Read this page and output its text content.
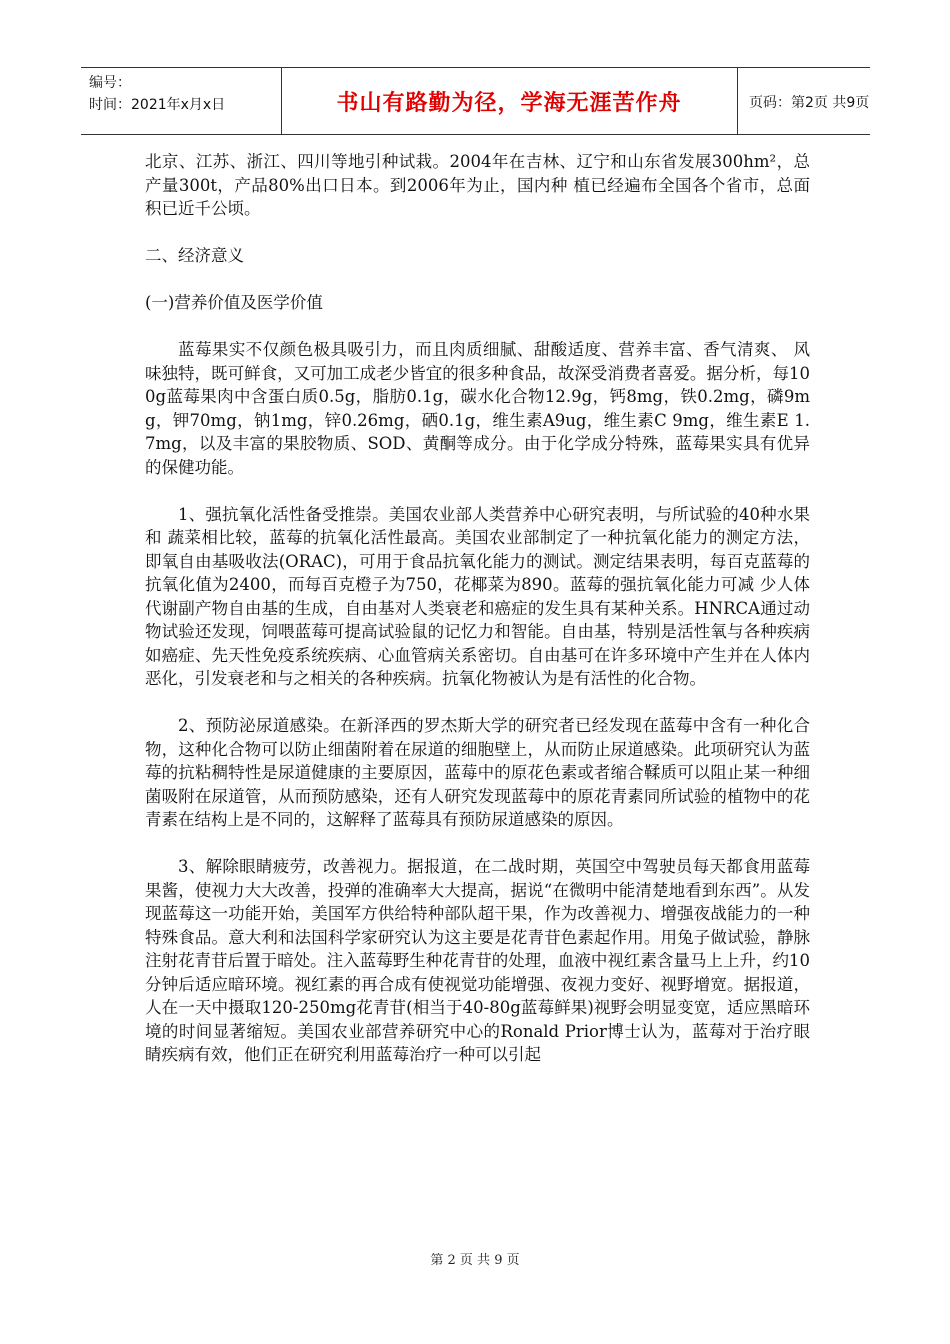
编号：
时间：2021年x月x日	书山有路勤为径，学海无涯苦作舟	页码：第2页 共9页

北京、江苏、浙江、四川等地引种试栽。2004年在吉林、辽宁和山东省发展300hm²，总产量300t，产品80%出口日本。到2006年为止，国内种 植已经遍布全国各个省市，总面积已近千公顷。

二、经济意义

(一)营养价值及医学价值

蓝莓果实不仅颜色极具吸引力，而且肉质细腻、甜酸适度、营养丰富、香气清爽、 风味独特，既可鲜食，又可加工成老少皆宜的很多种食品，故深受消费者喜爱。据分析，每100g蓝莓果肉中含蛋白质0.5g，脂肪0.1g，碳水化合物12.9g，钙8mg，铁0.2mg，磷9mg，钾70mg，钠1mg，锌0.26mg，硒0.1g，维生素A9ug，维生素C 9mg，维生素E 1.7mg，以及丰富的果胶物质、SOD、黄酮等成分。由于化学成分特殊，蓝莓果实具有优异的保健功能。

1、强抗氧化活性备受推崇。美国农业部人类营养中心研究表明，与所试验的40种水果和 蔬菜相比较，蓝莓的抗氧化活性最高。美国农业部制定了一种抗氧化能力的测定方法，即氧自由基吸收法(ORAC)，可用于食品抗氧化能力的测试。测定结果表明，每百克蓝莓的抗氧化值为2400，而每百克橙子为750，花椰菜为890。蓝莓的强抗氧化能力可减 少人体代谢副产物自由基的生成，自由基对人类衰老和癌症的发生具有某种关系。HNRCA通过动物试验还发现，饲喂蓝莓可提高试验鼠的记忆力和智能。自由基，特别是活性氧与各种疾病如癌症、先天性免疫系统疾病、心血管病关系密切。自由基可在许多环境中产生并在人体内恶化，引发衰老和与之相关的各种疾病。抗氧化物被认为是有活性的化合物。

2、预防泌尿道感染。在新泽西的罗杰斯大学的研究者已经发现在蓝莓中含有一种化合物，这种化合物可以防止细菌附着在尿道的细胞壁上，从而防止尿道感染。此项研究认为蓝莓的抗粘稠特性是尿道健康的主要原因，蓝莓中的原花色素或者缩合鞣质可以阻止某一种细菌吸附在尿道管，从而预防感染，还有人研究发现蓝莓中的原花青素同所试验的植物中的花青素在结构上是不同的，这解释了蓝莓具有预防尿道感染的原因。

3、解除眼睛疲劳，改善视力。据报道，在二战时期，英国空中驾驶员每天都食用蓝莓果酱，使视力大大改善，投弹的准确率大大提高，据说“在微明中能清楚地看到东西”。从发现蓝莓这一功能开始，美国军方供给特种部队超干果，作为改善视力、增强夜战能力的一种特殊食品。意大利和法国科学家研究认为这主要是花青苷色素起作用。用兔子做试验，静脉注射花青苷后置于暗处。注入蓝莓野生种花青苷的处理，血液中视红素含量马上上升，约10分钟后适应暗环境。视红素的再合成有使视觉功能增强、夜视力变好、视野增宽。据报道，人在一天中摄取120-250mg花青苷(相当于40-80g蓝莓鲜果)视野会明显变宽，适应黑暗环境的时间显著缩短。美国农业部营养研究中心的Ronald Prior博士认为，蓝莓对于治疗眼睛疾病有效，他们正在研究利用蓝莓治疗一种可以引起

第 2 页 共 9 页
